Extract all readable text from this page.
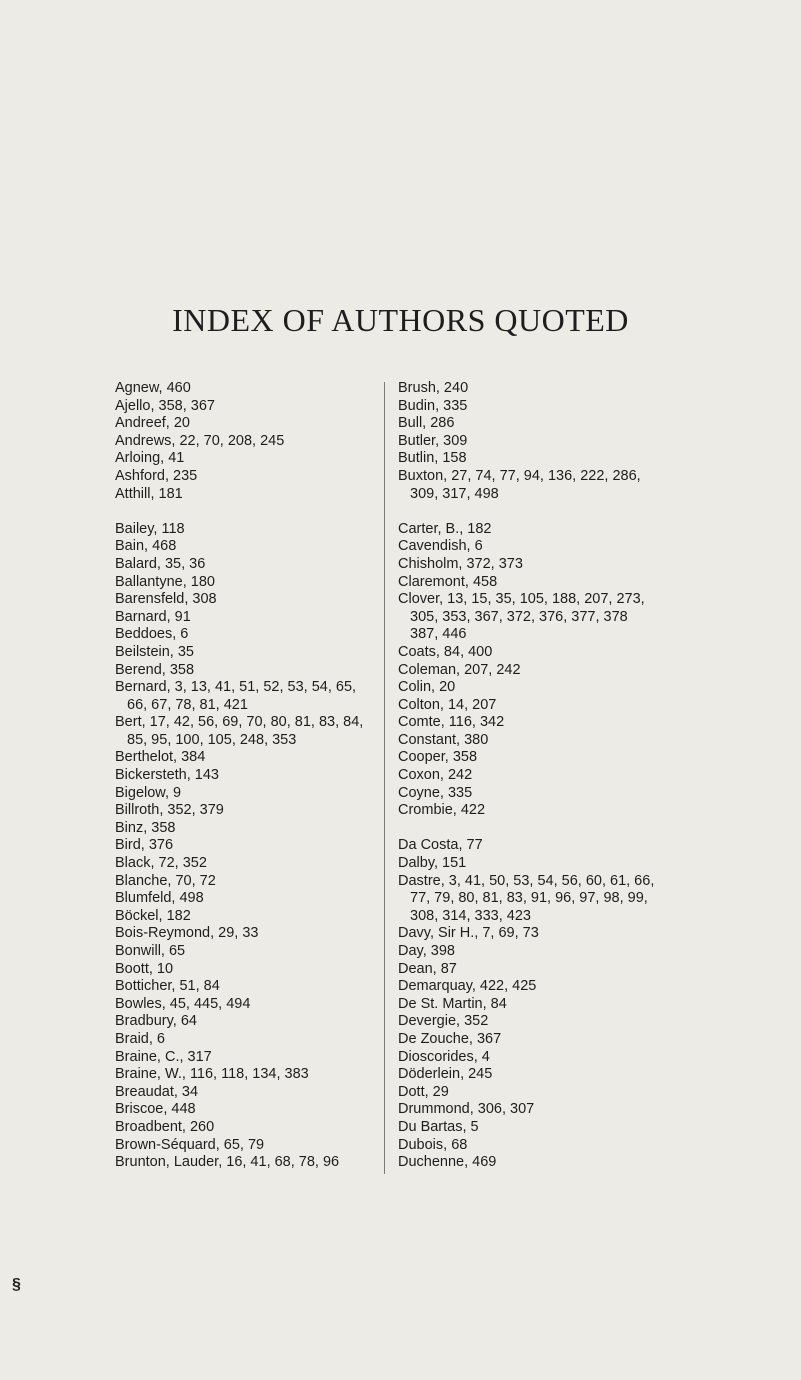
INDEX OF AUTHORS QUOTED
Agnew, 460
Ajello, 358, 367
Andreef, 20
Andrews, 22, 70, 208, 245
Arloing, 41
Ashford, 235
Atthill, 181
Bailey, 118
Bain, 468
Balard, 35, 36
Ballantyne, 180
Barensfeld, 308
Barnard, 91
Beddoes, 6
Beilstein, 35
Berend, 358
Bernard, 3, 13, 41, 51, 52, 53, 54, 65,
66, 67, 78, 81, 421
Bert, 17, 42, 56, 69, 70, 80, 81, 83, 84,
85, 95, 100, 105, 248, 353
Berthelot, 384
Bickersteth, 143
Bigelow, 9
Billroth, 352, 379
Binz, 358
Bird, 376
Black, 72, 352
Blanche, 70, 72
Blumfeld, 498
Böckel, 182
Bois-Reymond, 29, 33
Bonwill, 65
Boott, 10
Botticher, 51, 84
Bowles, 45, 445, 494
Bradbury, 64
Braid, 6
Braine, C., 317
Braine, W., 116, 118, 134, 383
Breaudat, 34
Briscoe, 448
Broadbent, 260
Brown-Séquard, 65, 79
Brunton, Lauder, 16, 41, 68, 78, 96
Brush, 240
Budin, 335
Bull, 286
Butler, 309
Butlin, 158
Buxton, 27, 74, 77, 94, 136, 222, 286,
309, 317, 498
Carter, B., 182
Cavendish, 6
Chisholm, 372, 373
Claremont, 458
Clover, 13, 15, 35, 105, 188, 207, 273,
305, 353, 367, 372, 376, 377, 378
387, 446
Coats, 84, 400
Coleman, 207, 242
Colin, 20
Colton, 14, 207
Comte, 116, 342
Constant, 380
Cooper, 358
Coxon, 242
Coyne, 335
Crombie, 422
Da Costa, 77
Dalby, 151
Dastre, 3, 41, 50, 53, 54, 56, 60, 61, 66,
77, 79, 80, 81, 83, 91, 96, 97, 98, 99,
308, 314, 333, 423
Davy, Sir H., 7, 69, 73
Day, 398
Dean, 87
Demarquay, 422, 425
De St. Martin, 84
Devergie, 352
De Zouche, 367
Dioscorides, 4
Döderlein, 245
Dott, 29
Drummond, 306, 307
Du Bartas, 5
Dubois, 68
Duchenne, 469
§
